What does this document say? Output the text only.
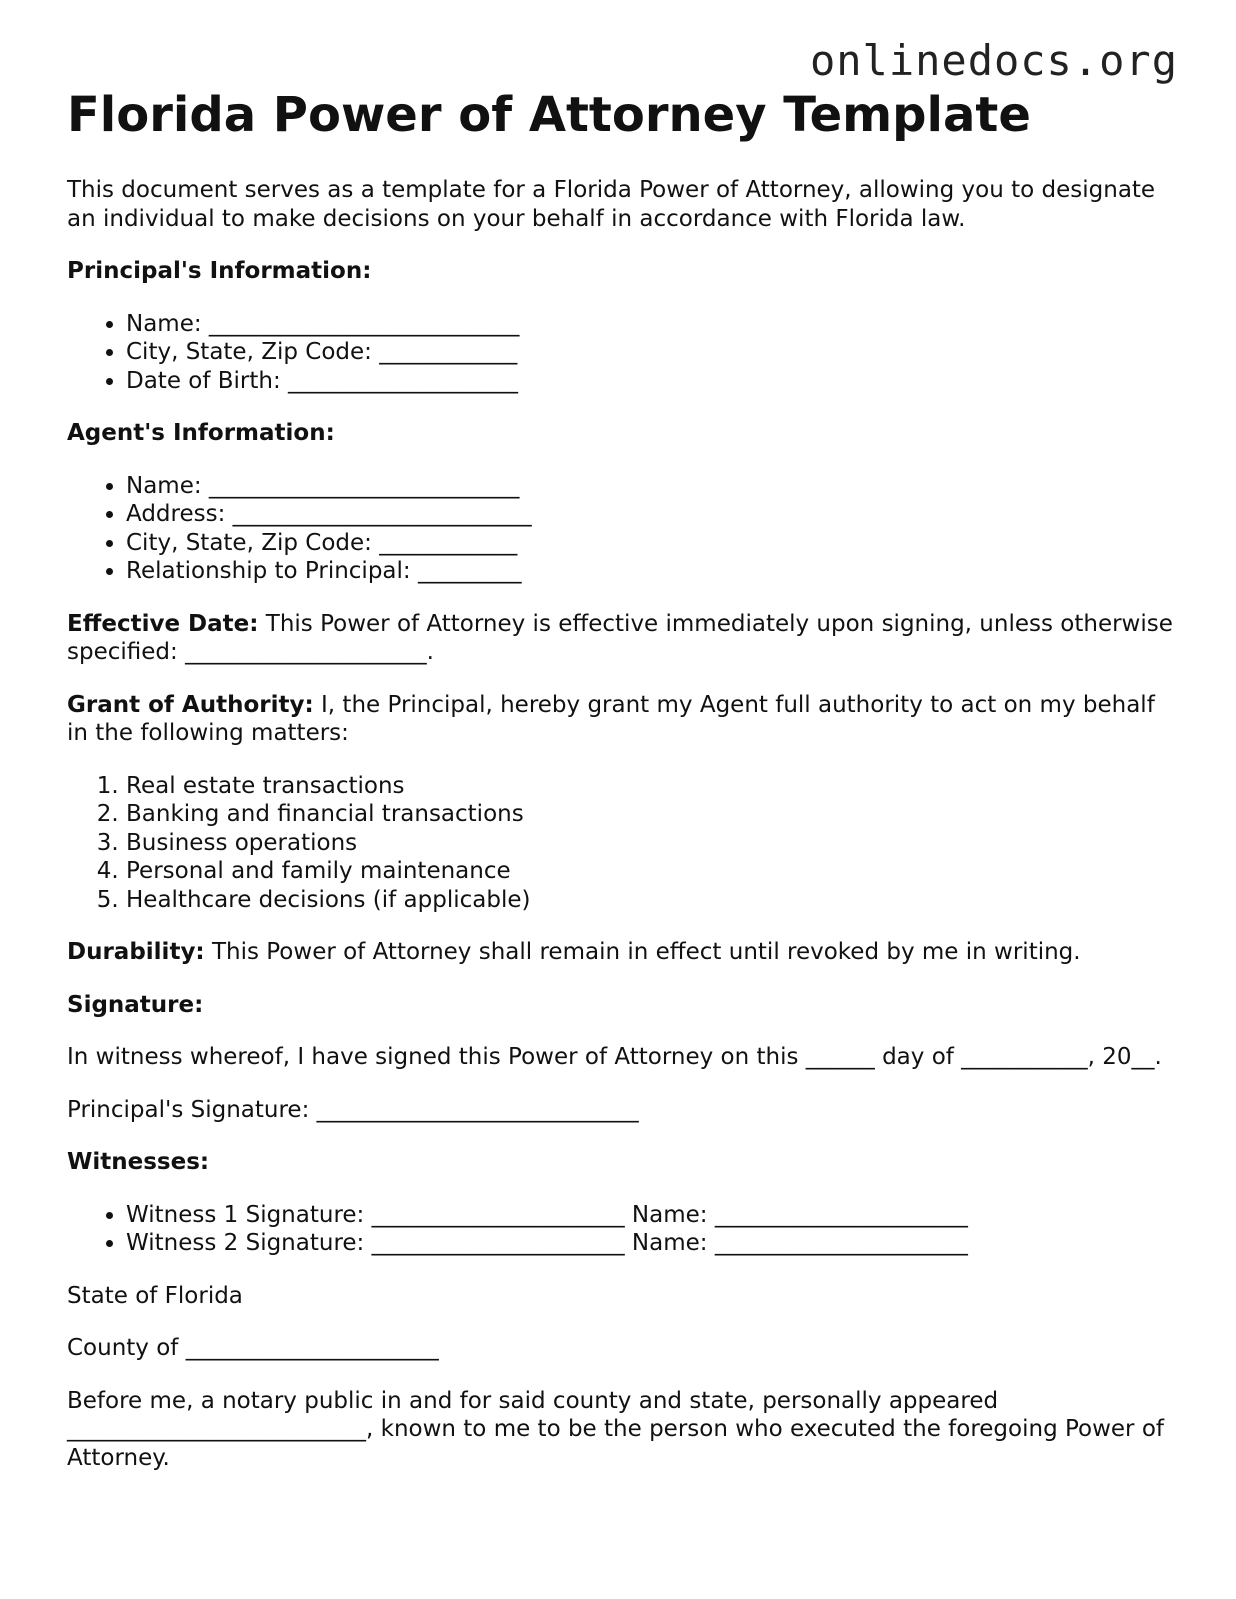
onlinedocs.org
Florida Power of Attorney Template

This document serves as a template for a Florida Power of Attorney, allowing you to designate an individual to make decisions on your behalf in accordance with Florida law.

Principal's Information:

• Name: ___________________________
• City, State, Zip Code: ____________
• Date of Birth: ____________________

Agent's Information:

• Name: ___________________________
• Address: __________________________
• City, State, Zip Code: ____________
• Relationship to Principal: _________

Effective Date: This Power of Attorney is effective immediately upon signing, unless otherwise specified: _____________________.

Grant of Authority: I, the Principal, hereby grant my Agent full authority to act on my behalf in the following matters:

1. Real estate transactions
2. Banking and financial transactions
3. Business operations
4. Personal and family maintenance
5. Healthcare decisions (if applicable)

Durability: This Power of Attorney shall remain in effect until revoked by me in writing.

Signature:

In witness whereof, I have signed this Power of Attorney on this ______ day of ___________, 20__.

Principal's Signature: ____________________________

Witnesses:

• Witness 1 Signature: ______________________ Name: ______________________
• Witness 2 Signature: ______________________ Name: ______________________

State of Florida

County of ______________________

Before me, a notary public in and for said county and state, personally appeared __________________________, known to me to be the person who executed the foregoing Power of Attorney.
